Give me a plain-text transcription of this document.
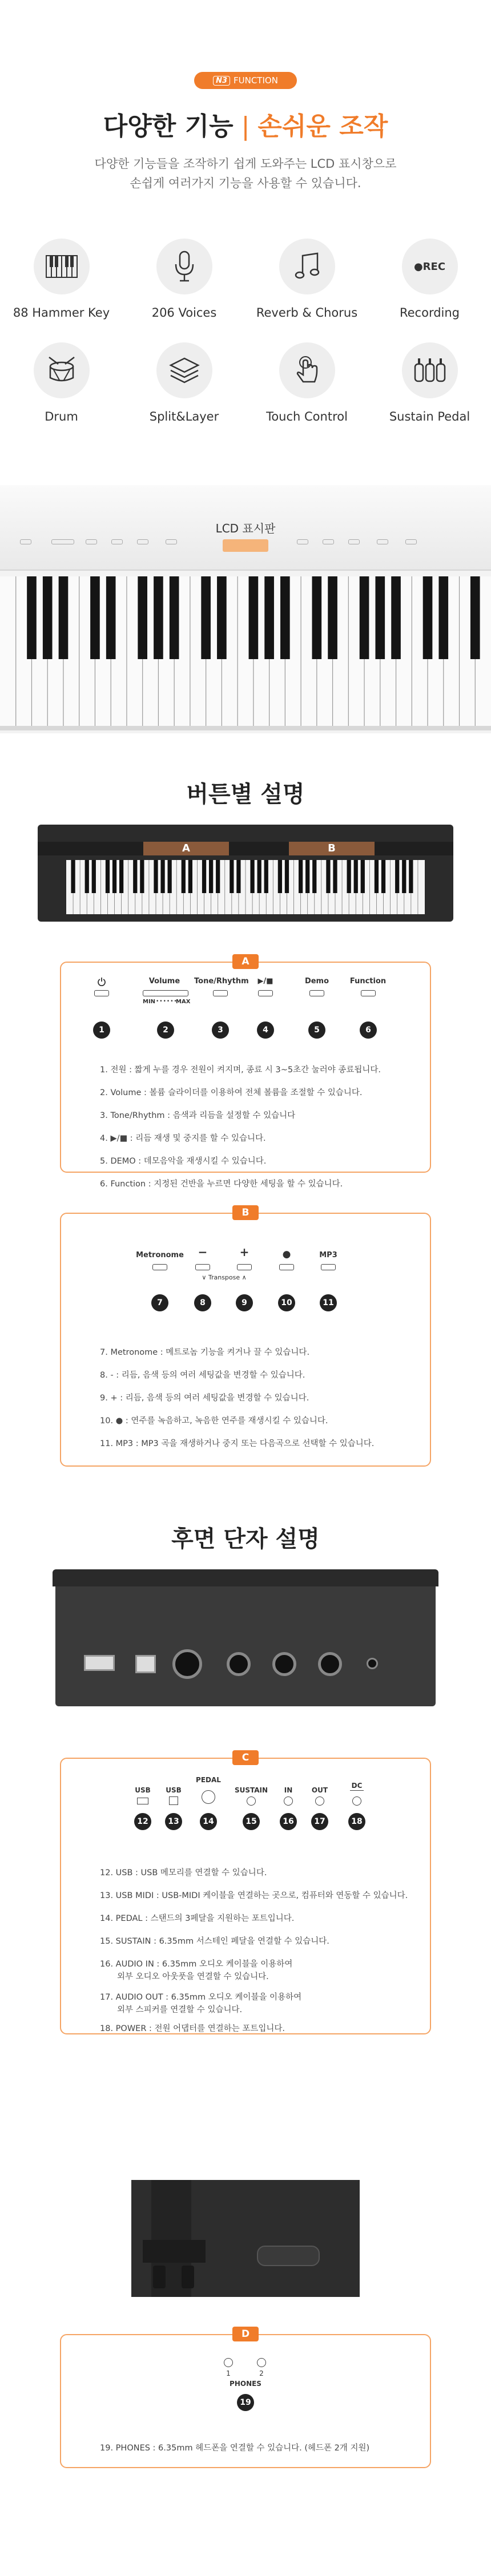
N3 FUNCTION
다양한 기능 | 손쉬운 조작
다양한 기능들을 조작하기 쉽게 도와주는 LCD 표시창으로
손쉽게 여러가지 기능을 사용할 수 있습니다.
88 Hammer Key	206 Voices	Reverb & Chorus
●REC
Recording
Drum	Split&Layer	Touch Control	Sustain Pedal
LCD 표시판
버튼별 설명
A	B
A
Volume
MIN ••••••
MAX
Tone/Rhythm	▶/■	Demo	Function
1	2	3	4	5	6
1. 전원 : 짧게 누를 경우 전원이 켜지며, 종료 시 3~5초간 눌러야 종료됩니다.
2. Volume : 볼륨 슬라이더를 이용하여 전체 볼륨을 조절할 수 있습니다.
3. Tone/Rhythm : 음색과 리듬을 설정할 수 있습니다
4. ▶/■ : 리듬 재생 및 중지를 할 수 있습니다.
5. DEMO : 데모음악을 재생시킬 수 있습니다.
6. Function : 지정된 건반을 누르면 다양한 세팅을 할 수 있습니다.
B
Metronome	−	+	●	MP3
∨ Transpose ∧
7	8	9	10	11
7. Metronome : 메트로놈 기능을 켜거나 끌 수 있습니다.
8. - : 리듬, 음색 등의 여러 세팅값을 변경할 수 있습니다.
9. + : 리듬, 음색 등의 여러 세팅값을 변경할 수 있습니다.
10. ● : 연주를 녹음하고, 녹음한 연주를 재생시킬 수 있습니다.
11. MP3 : MP3 곡을 재생하거나 중지 또는 다음곡으로 선택할 수 있습니다.
후면 단자 설명
C
USB	USB
PEDAL
SUSTAIN	IN	OUT
DC
12	13	14	15	16	17	18
12. USB : USB 메모리를 연결할 수 있습니다.
13. USB MIDI : USB-MIDI 케이블을 연결하는 곳으로, 컴퓨터와 연동할 수 있습니다.
14. PEDAL : 스탠드의 3페달을 지원하는 포트입니다.
15. SUSTAIN : 6.35mm 서스테인 페달을 연결할 수 있습니다.
16. AUDIO IN : 6.35mm 오디오 케이블을 이용하여
외부 오디오 아웃풋을 연결할 수 있습니다.
17. AUDIO OUT : 6.35mm 오디오 케이블을 이용하여
외부 스피커를 연결할 수 있습니다.
18. POWER : 전원 어댑터를 연결하는 포트입니다.
D
1	2
PHONES
19
19. PHONES : 6.35mm 헤드폰을 연결할 수 있습니다. (헤드폰 2개 지원)
